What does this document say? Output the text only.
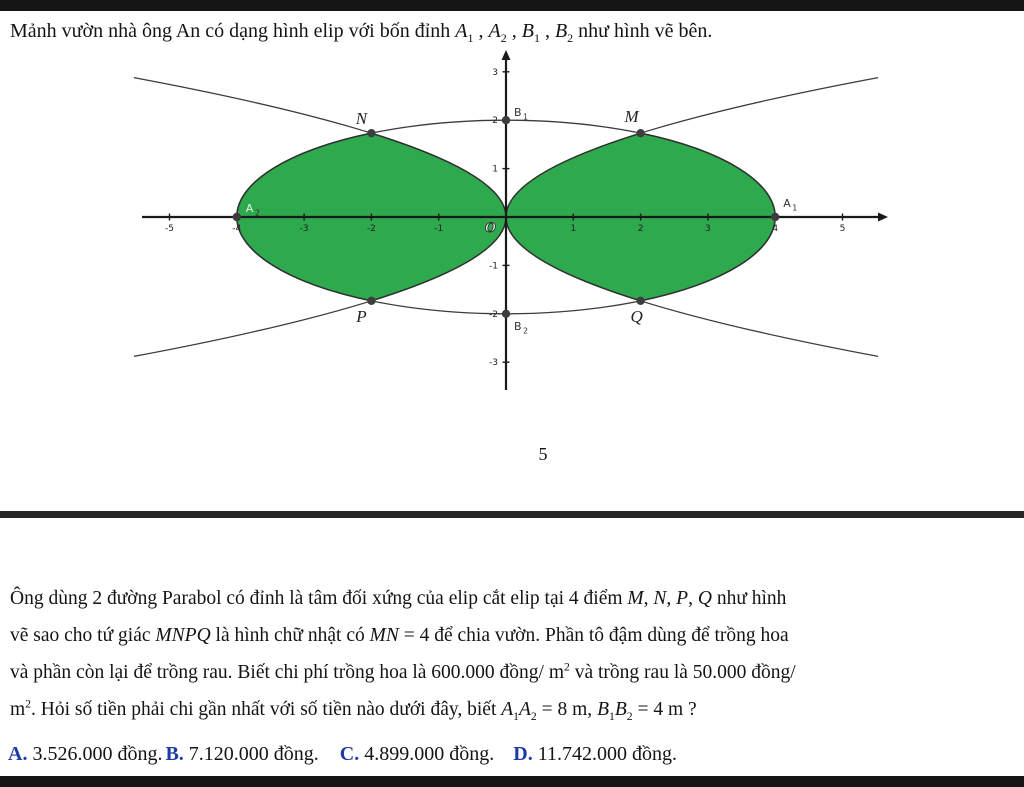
Mảnh vườn nhà ông An có dạng hình elip với bốn đỉnh $A_1$ , $A_2$ , $B_1$ , $B_2$ như hình vẽ bên.
-5	-4	-3	-2	-1	1	2	3	4	5
3
2
1
-1
-2
-3
O
N	M
P	Q
B $_1$
B $_2$
A $_1$
A $_2$
5
Ông dùng 2 đường Parabol có đỉnh là tâm đối xứng của elip cắt elip tại 4 điểm M, N, P, Q như hình
vẽ sao cho tứ giác MNPQ là hình chữ nhật có MN = 4 để chia vườn. Phần tô đậm dùng để trồng hoa
và phần còn lại để trồng rau. Biết chi phí trồng hoa là 600.000 đồng/ $m^2$ và trồng rau là 50.000 đồng/
$m^2$. Hỏi số tiền phải chi gần nhất với số tiền nào dưới đây, biết $A_1A_2 = 8$ m, $B_1B_2 = 4$ m ?
A. 3.526.000 đồng. B. 7.120.000 đồng. C. 4.899.000 đồng. D. 11.742.000 đồng.
